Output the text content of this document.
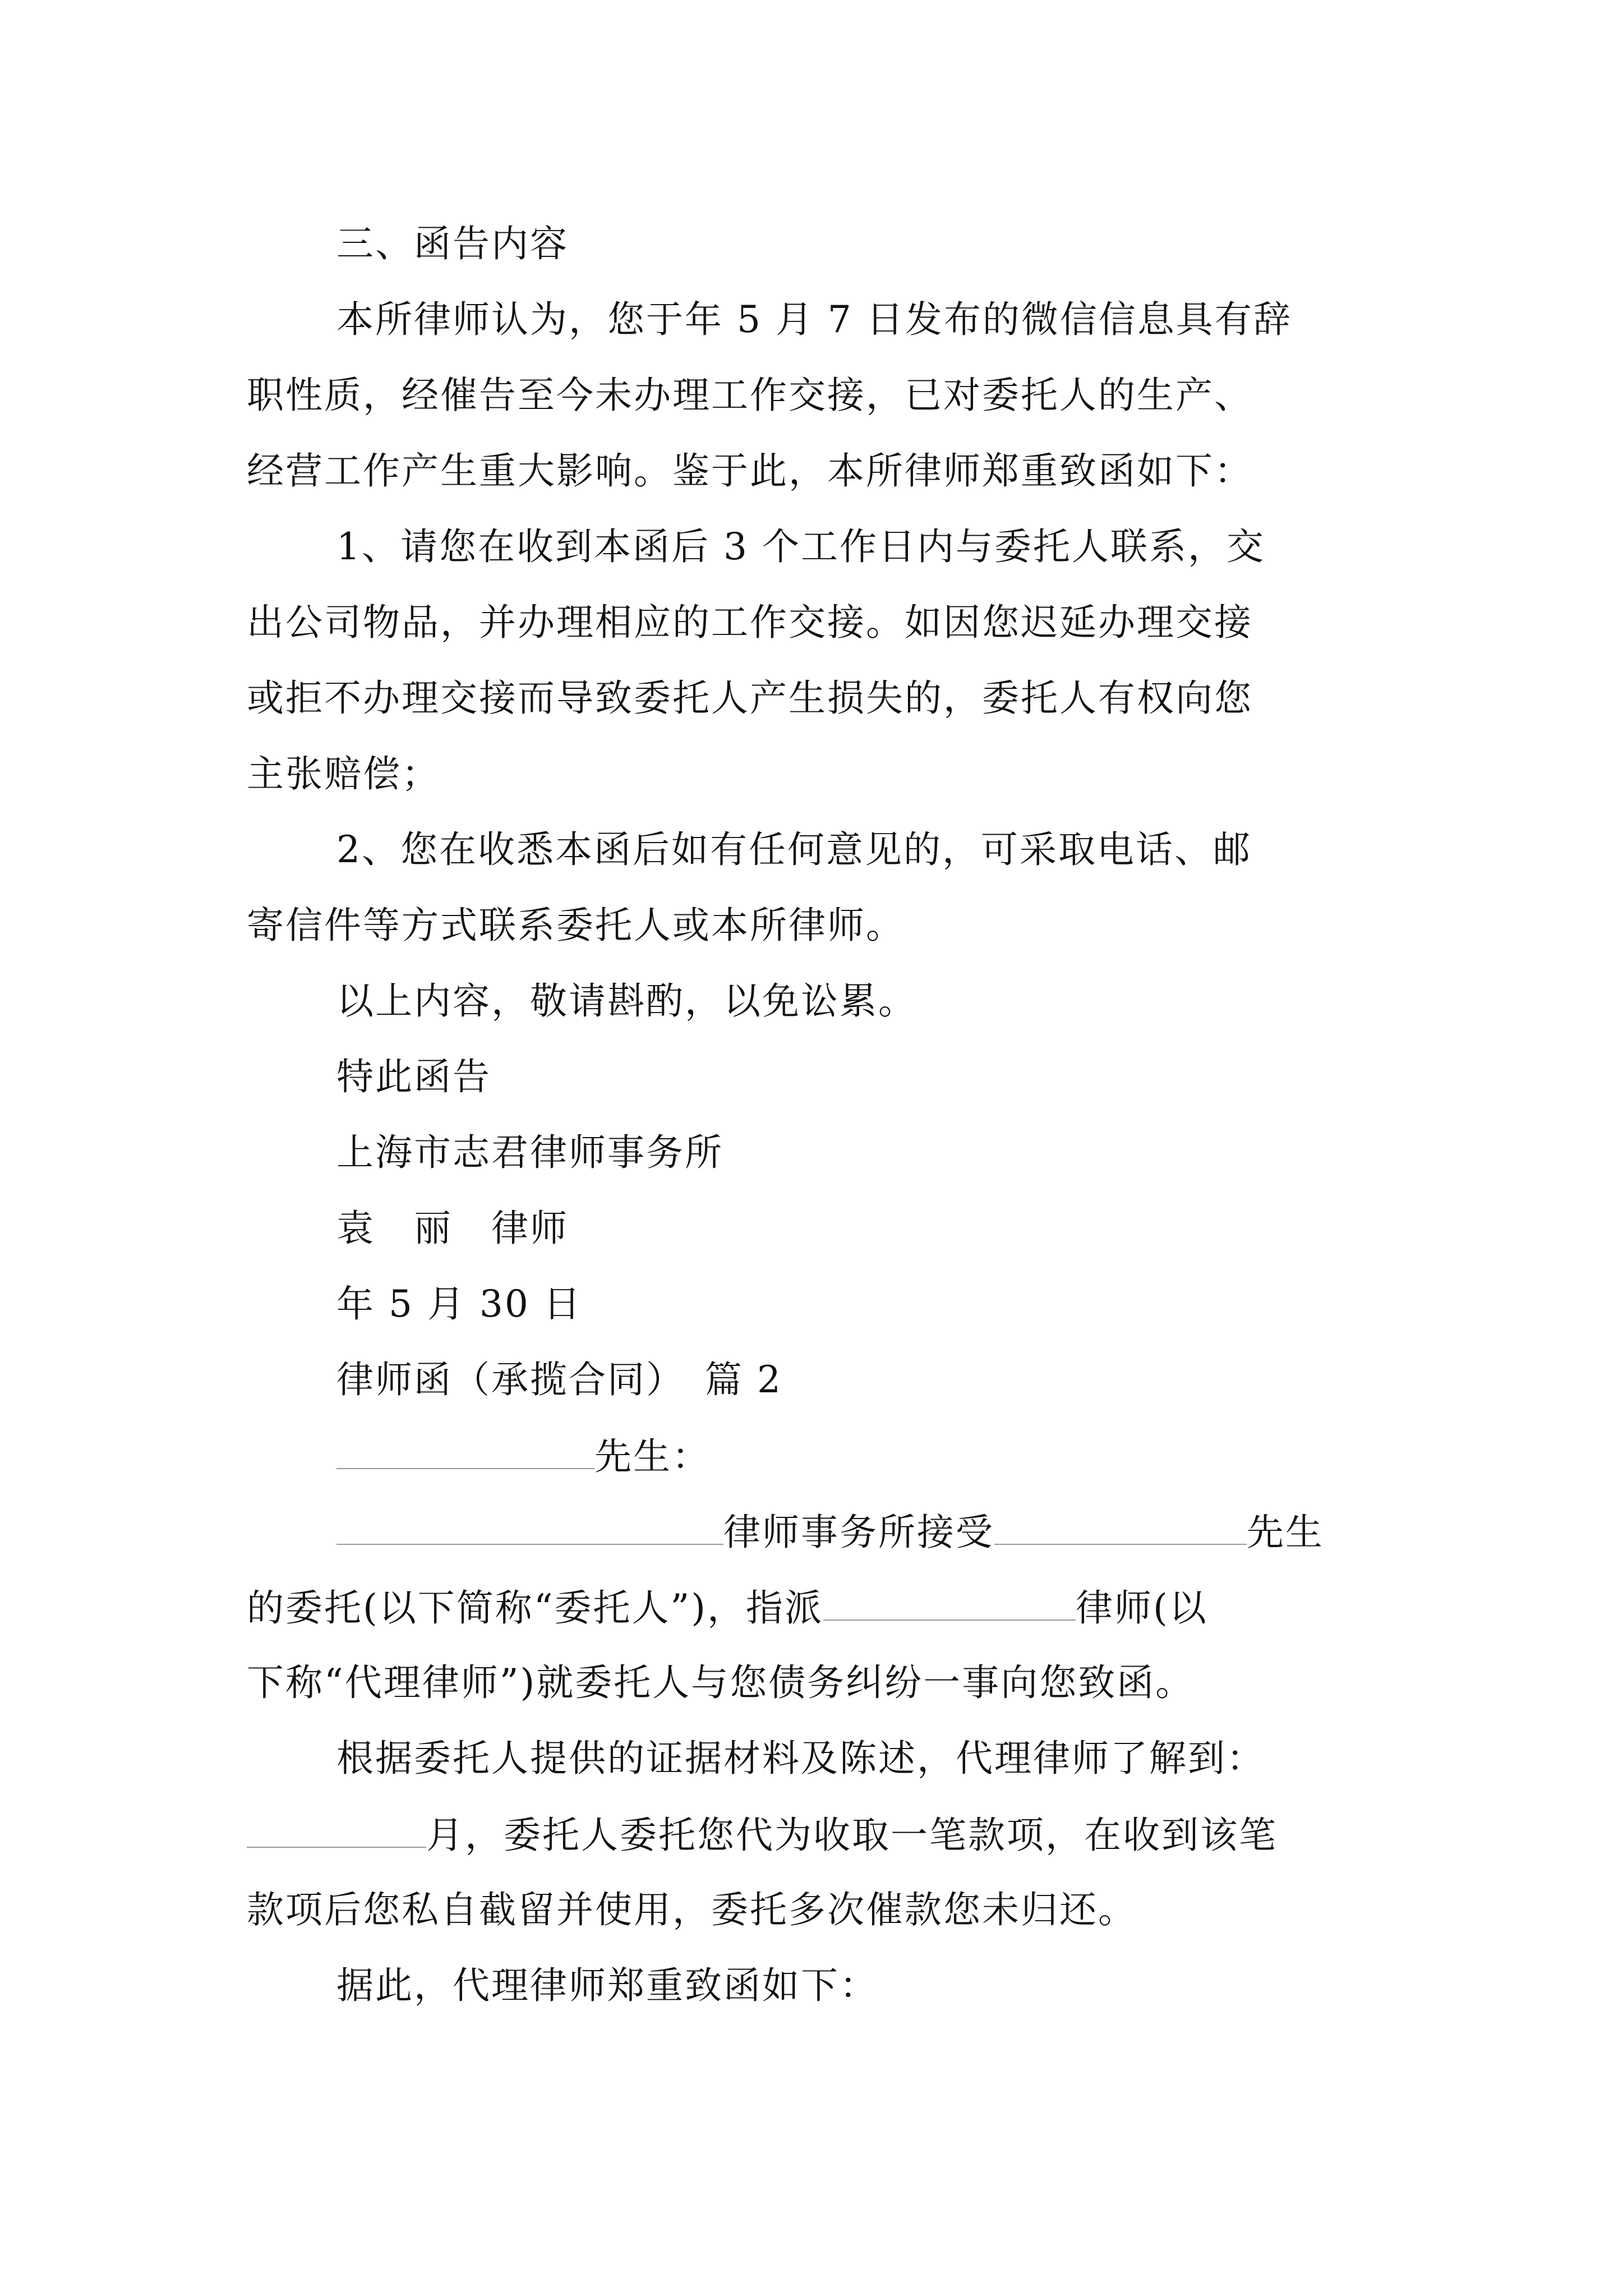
三、函告内容
本所律师认为，您于年 5 月 7 日发布的微信信息具有辞
职性质，经催告至今未办理工作交接，已对委托人的生产、
经营工作产生重大影响。鉴于此，本所律师郑重致函如下：
1、请您在收到本函后 3 个工作日内与委托人联系，交
出公司物品，并办理相应的工作交接。如因您迟延办理交接
或拒不办理交接而导致委托人产生损失的，委托人有权向您
主张赔偿；
2、您在收悉本函后如有任何意见的，可采取电话、邮
寄信件等方式联系委托人或本所律师。
以上内容，敬请斟酌，以免讼累。
特此函告
上海市志君律师事务所
袁　丽　律师
年 5 月 30 日
律师函（承揽合同）　篇 2
先生：
律师事务所接受	先生
的委托(以下简称“委托人”)，指派	律师(以
下称“代理律师”)就委托人与您债务纠纷一事向您致函。
根据委托人提供的证据材料及陈述，代理律师了解到：
月，委托人委托您代为收取一笔款项，在收到该笔
款项后您私自截留并使用，委托多次催款您未归还。
据此，代理律师郑重致函如下：
